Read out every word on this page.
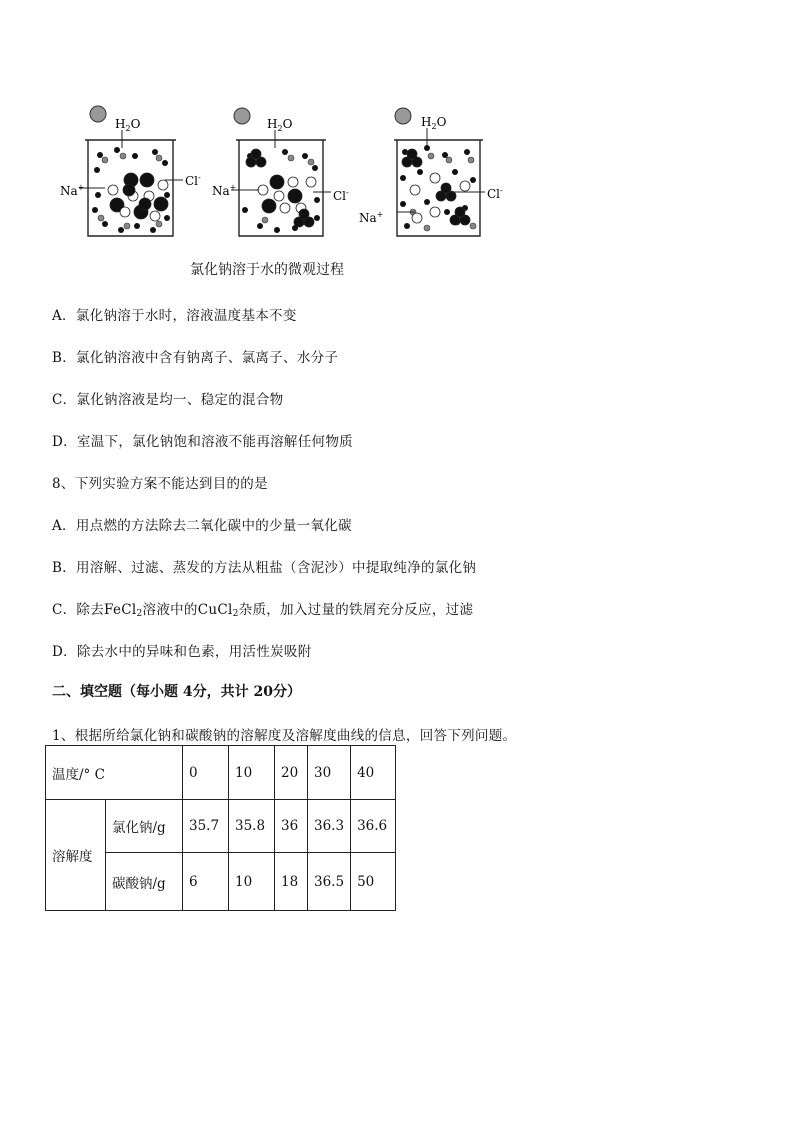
$H_2O$
Na+	Cl-
$H_2O$
Na+
Cl-
$H_2O$
Na+
Cl-
氯化钠溶于水的微观过程
A．氯化钠溶于水时，溶液温度基本不变
B．氯化钠溶液中含有钠离子、氯离子、水分子
C．氯化钠溶液是均一、稳定的混合物
D．室温下，氯化钠饱和溶液不能再溶解任何物质
8、下列实验方案不能达到目的的是
A．用点燃的方法除去二氧化碳中的少量一氧化碳
B．用溶解、过滤、蒸发的方法从粗盐（含泥沙）中提取纯净的氯化钠
C．除去FeCl$_2$溶液中的CuCl$_2$杂质，加入过量的铁屑充分反应，过滤
D．除去水中的异味和色素，用活性炭吸附
二、填空题（每小题 4分，共计 20分）
1、根据所给氯化钠和碳酸钠的溶解度及溶解度曲线的信息，回答下列问题。
温度/° C		0	10	20	30	40
溶解度	氯化钠/g	35.7	35.8	36	36.3	36.6
	碳酸钠/g	6	10	18	36.5	50
